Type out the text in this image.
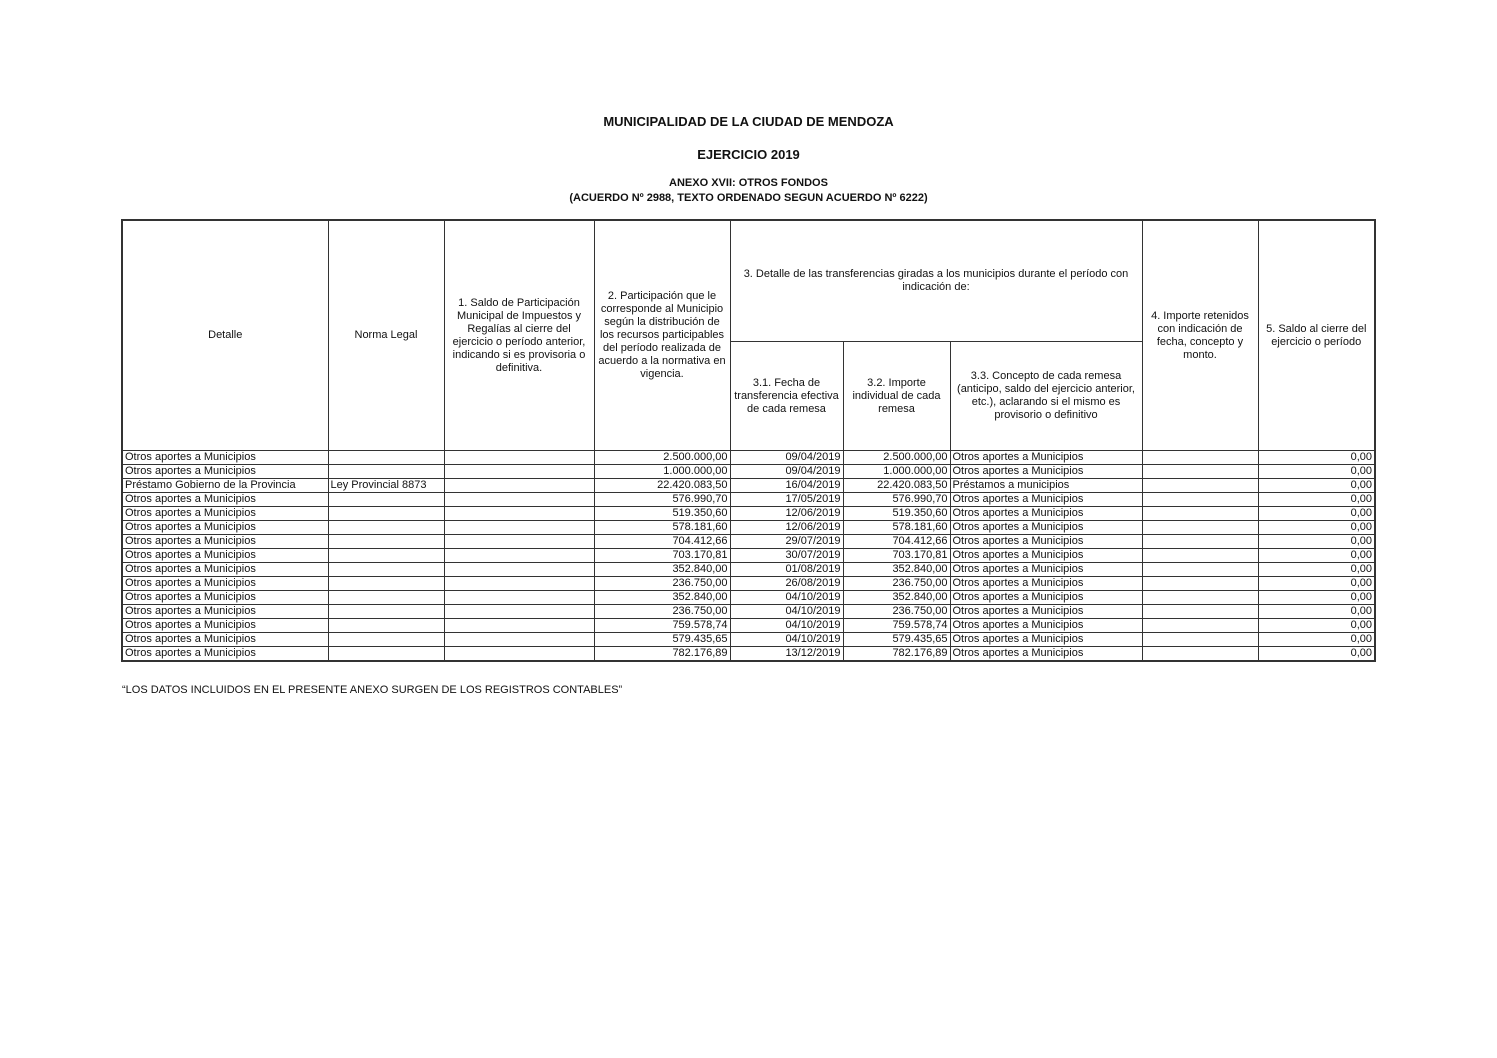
MUNICIPALIDAD DE LA CIUDAD DE MENDOZA
EJERCICIO 2019
ANEXO XVII: OTROS FONDOS
(ACUERDO Nº 2988, TEXTO ORDENADO SEGUN ACUERDO Nº 6222)
Detalle	Norma Legal	1. Saldo de Participación Municipal de Impuestos y Regalías al cierre del ejercicio o período anterior, indicando si es provisoria o definitiva.	2. Participación que le corresponde al Municipio según la distribución de los recursos participables del período realizada de acuerdo a la normativa en vigencia.	3. Detalle de las transferencias giradas a los municipios durante el período con indicación de:			4. Importe retenidos con indicación de fecha, concepto y monto.	5. Saldo al cierre del ejercicio o período
				3.1. Fecha de transferencia efectiva de cada remesa	3.2. Importe individual de cada remesa	3.3. Concepto de cada remesa (anticipo, saldo del ejercicio anterior, etc.), aclarando si el mismo es provisorio o definitivo		
Otros aportes a Municipios			2.500.000,00	09/04/2019	2.500.000,00	Otros aportes a Municipios		0,00
Otros aportes a Municipios			1.000.000,00	09/04/2019	1.000.000,00	Otros aportes a Municipios		0,00
Préstamo Gobierno de la Provincia	Ley Provincial 8873		22.420.083,50	16/04/2019	22.420.083,50	Préstamos a municipios		0,00
Otros aportes a Municipios			576.990,70	17/05/2019	576.990,70	Otros aportes a Municipios		0,00
Otros aportes a Municipios			519.350,60	12/06/2019	519.350,60	Otros aportes a Municipios		0,00
Otros aportes a Municipios			578.181,60	12/06/2019	578.181,60	Otros aportes a Municipios		0,00
Otros aportes a Municipios			704.412,66	29/07/2019	704.412,66	Otros aportes a Municipios		0,00
Otros aportes a Municipios			703.170,81	30/07/2019	703.170,81	Otros aportes a Municipios		0,00
Otros aportes a Municipios			352.840,00	01/08/2019	352.840,00	Otros aportes a Municipios		0,00
Otros aportes a Municipios			236.750,00	26/08/2019	236.750,00	Otros aportes a Municipios		0,00
Otros aportes a Municipios			352.840,00	04/10/2019	352.840,00	Otros aportes a Municipios		0,00
Otros aportes a Municipios			236.750,00	04/10/2019	236.750,00	Otros aportes a Municipios		0,00
Otros aportes a Municipios			759.578,74	04/10/2019	759.578,74	Otros aportes a Municipios		0,00
Otros aportes a Municipios			579.435,65	04/10/2019	579.435,65	Otros aportes a Municipios		0,00
Otros aportes a Municipios			782.176,89	13/12/2019	782.176,89	Otros aportes a Municipios		0,00
“LOS DATOS INCLUIDOS EN EL PRESENTE ANEXO SURGEN DE LOS REGISTROS CONTABLES”
